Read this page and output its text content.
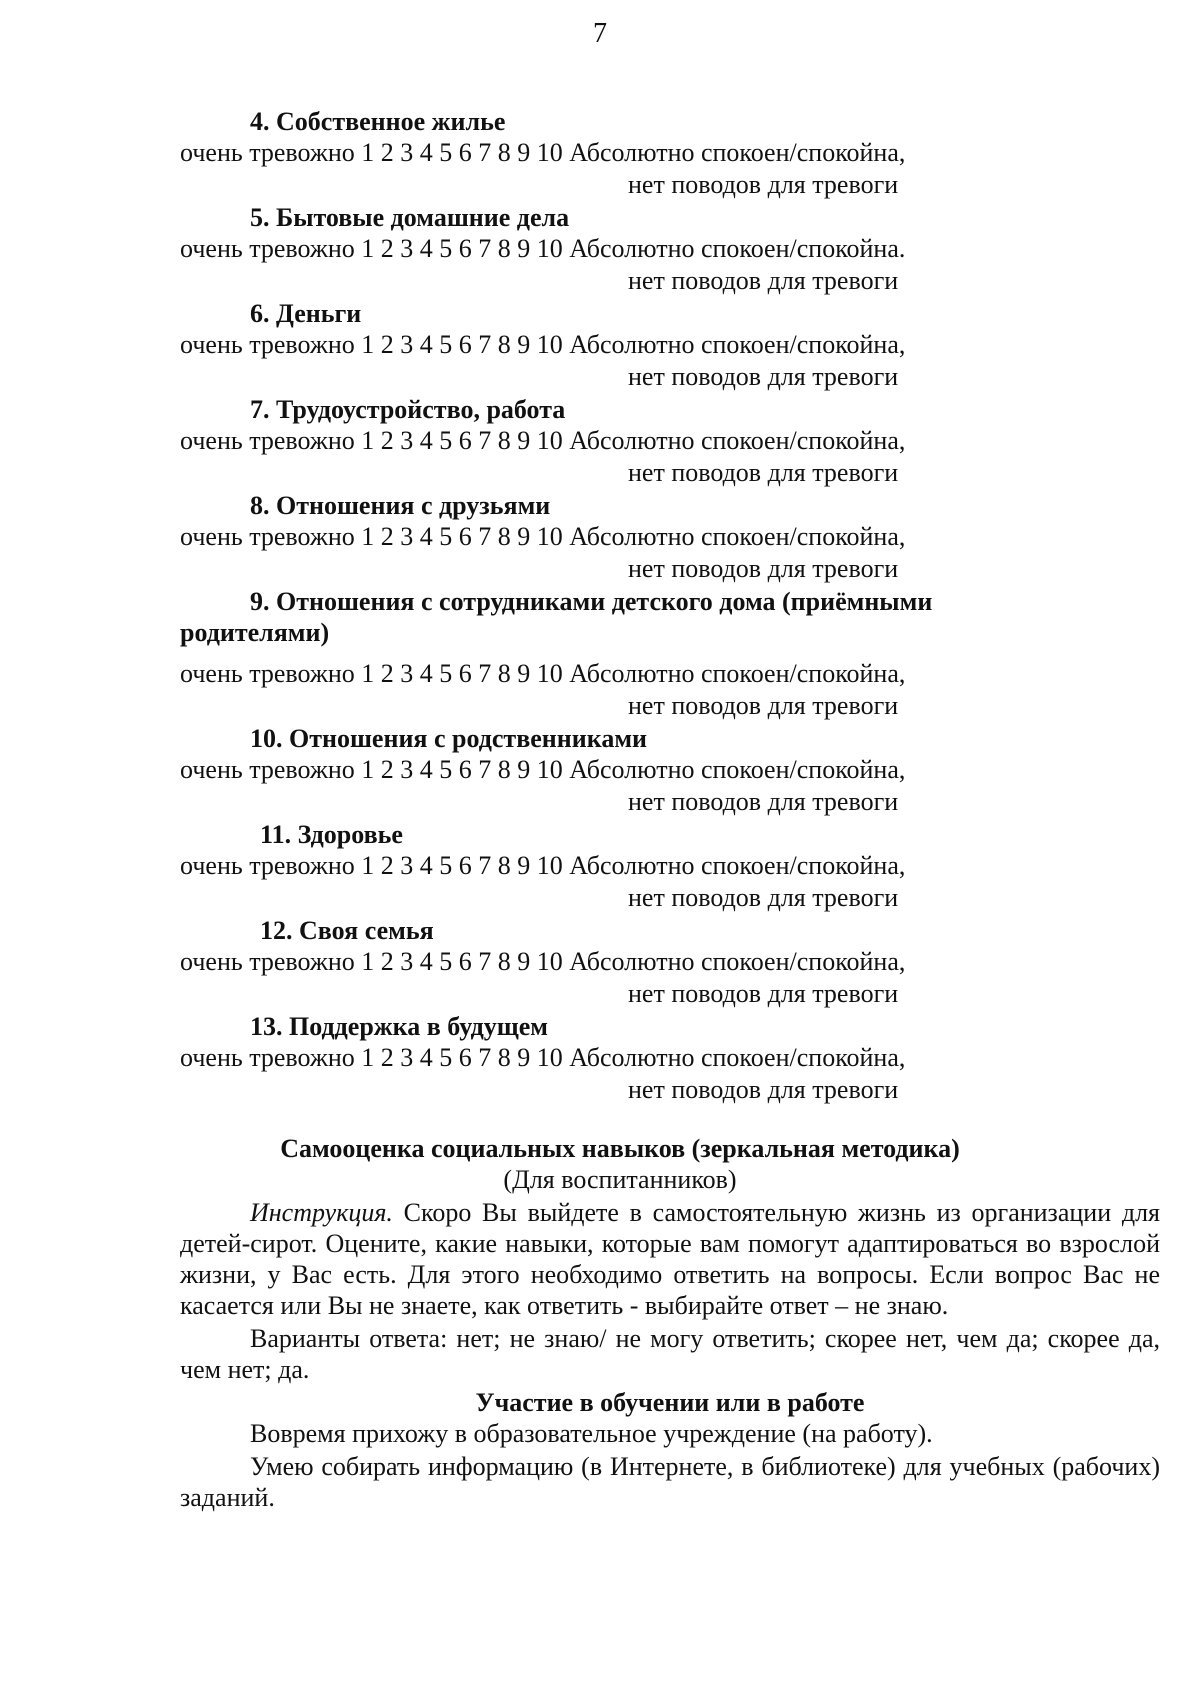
7
4. Собственное жилье
очень тревожно 1 2 3 4 5 6 7 8 9 10 Абсолютно спокоен/спокойна,
нет поводов для тревоги
5. Бытовые домашние дела
очень тревожно 1 2 3 4 5 6 7 8 9 10 Абсолютно спокоен/спокойна.
нет поводов для тревоги
6. Деньги
очень тревожно 1 2 3 4 5 6 7 8 9 10 Абсолютно спокоен/спокойна,
нет поводов для тревоги
7. Трудоустройство, работа
очень тревожно 1 2 3 4 5 6 7 8 9 10 Абсолютно спокоен/спокойна,
нет поводов для тревоги
8. Отношения с друзьями
очень тревожно 1 2 3 4 5 6 7 8 9 10 Абсолютно спокоен/спокойна,
нет поводов для тревоги
9. Отношения с сотрудниками детского дома (приёмными родителями)
очень тревожно 1 2 3 4 5 6 7 8 9 10 Абсолютно спокоен/спокойна,
нет поводов для тревоги
10. Отношения с родственниками
очень тревожно 1 2 3 4 5 6 7 8 9 10 Абсолютно спокоен/спокойна,
нет поводов для тревоги
11. Здоровье
очень тревожно 1 2 3 4 5 6 7 8 9 10 Абсолютно спокоен/спокойна,
нет поводов для тревоги
12. Своя семья
очень тревожно 1 2 3 4 5 6 7 8 9 10 Абсолютно спокоен/спокойна,
нет поводов для тревоги
13. Поддержка в будущем
очень тревожно 1 2 3 4 5 6 7 8 9 10 Абсолютно спокоен/спокойна,
нет поводов для тревоги
Самооценка социальных навыков (зеркальная методика)
(Для воспитанников)

Инструкция. Скоро Вы выйдете в самостоятельную жизнь из организации для детей-сирот. Оцените, какие навыки, которые вам помогут адаптироваться во взрослой жизни, у Вас есть. Для этого необходимо ответить на вопросы. Если вопрос Вас не касается или Вы не знаете, как ответить - выбирайте ответ – не знаю.

Варианты ответа: нет; не знаю/ не могу ответить; скорее нет, чем да; скорее да, чем нет; да.

Участие в обучении или в работе

Вовремя прихожу в образовательное учреждение (на работу).

Умею собирать информацию (в Интернете, в библиотеке) для учебных (рабочих) заданий.
